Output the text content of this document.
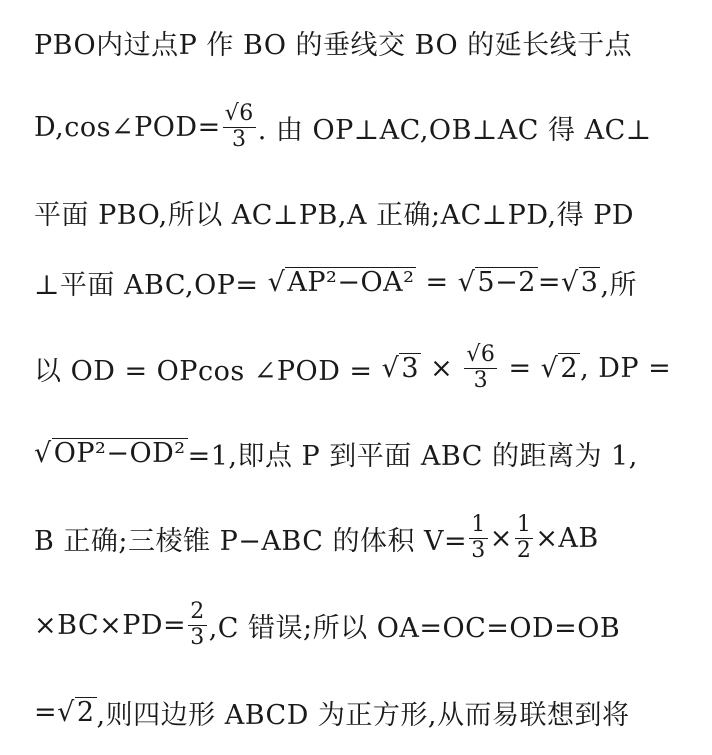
PBO内过点P 作 BO 的垂线交 BO 的延长线于点
D,cos∠POD= $\frac{√6}{3}$ . 由 OP⊥AC,OB⊥AC 得 AC⊥
平面 PBO,所以 AC⊥PB,A 正确;AC⊥PD,得 PD
⊥平面 ABC,OP= √ AP²−OA² = √ 5−2 = √ 3 ,所
以 OD = OPcos ∠POD = √ $3 \times \frac{√6}{3}$ = √ 2 , DP =
√ OP²−OD² =1,即点 P 到平面 ABC 的距离为 1,
B 正确;三棱锥 P−ABC 的体积 $V= \frac{1}{3} \times \frac{1}{2} \times AB$
$\times BC\times PD= \frac{2}{3} ,C$ 错误;所以 OA=OC=OD=OB
= √ 2 ,则四边形 ABCD 为正方形,从而易联想到将
